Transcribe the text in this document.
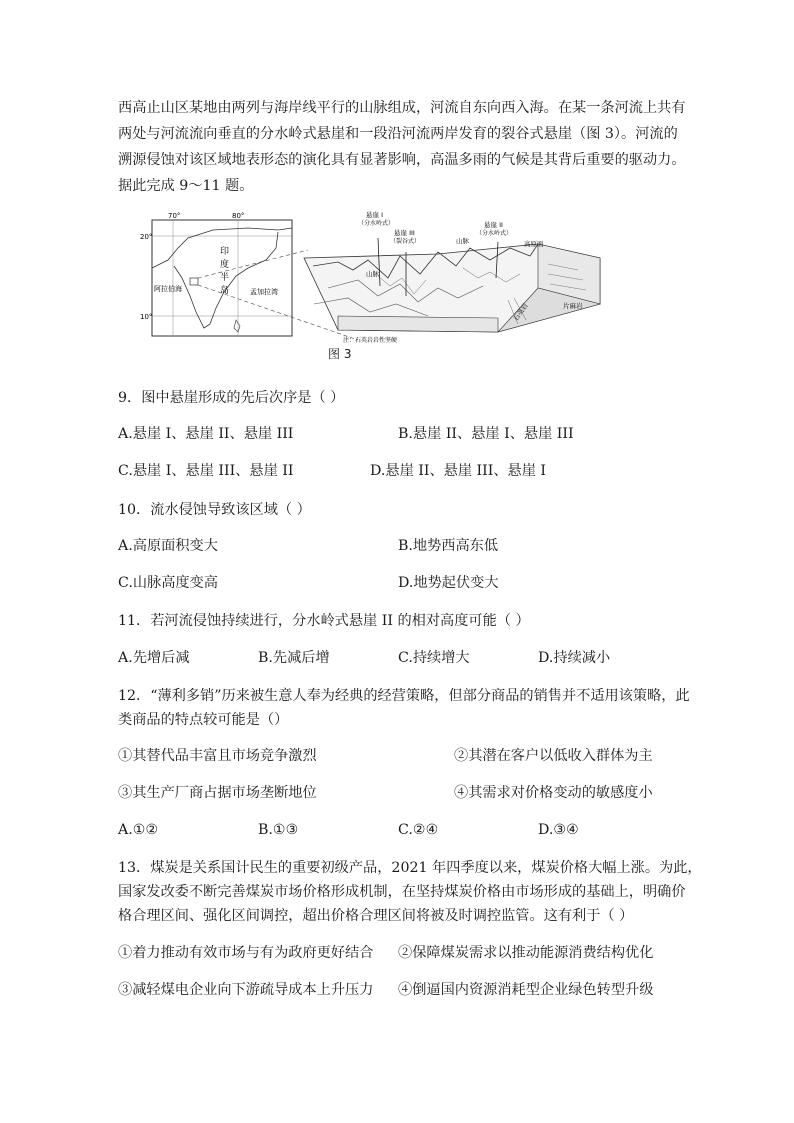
西高止山区某地由两列与海岸线平行的山脉组成，河流自东向西入海。在某一条河流上共有
两处与河流流向垂直的分水岭式悬崖和一段沿河流两岸发育的裂谷式悬崖（图 3）。河流的
溯源侵蚀对该区域地表形态的演化具有显著影响，高温多雨的气候是其背后重要的驱动力。
据此完成 9～11 题。
70°	80°
20°
10°
印
度
半
岛
阿拉伯海	孟加拉湾
悬崖 I
（分水岭式）
悬崖 III
（裂谷式）
悬崖 II
（分水岭式）
山脉
山脉
高原面
石英岩	片麻岩
注：石英岩岩性坚硬
图 3
9．图中悬崖形成的先后次序是（ ）
A.悬崖 I、悬崖 II、悬崖 III	B.悬崖 II、悬崖 I、悬崖 III
C.悬崖 I、悬崖 III、悬崖 II	D.悬崖 II、悬崖 III、悬崖 I
10．流水侵蚀导致该区域（ ）
A.高原面积变大	B.地势西高东低
C.山脉高度变高	D.地势起伏变大
11．若河流侵蚀持续进行，分水岭式悬崖 II 的相对高度可能（ ）
A.先增后减	B.先减后增	C.持续增大	D.持续减小
12．“薄利多销”历来被生意人奉为经典的经营策略，但部分商品的销售并不适用该策略，此
类商品的特点较可能是（）
①其替代品丰富且市场竞争激烈	②其潜在客户以低收入群体为主
③其生产厂商占据市场垄断地位	④其需求对价格变动的敏感度小
A.①②	B.①③	C.②④	D.③④
13．煤炭是关系国计民生的重要初级产品，2021 年四季度以来，煤炭价格大幅上涨。为此，
国家发改委不断完善煤炭市场价格形成机制，在坚持煤炭价格由市场形成的基础上，明确价
格合理区间、强化区间调控，超出价格合理区间将被及时调控监管。这有利于（ ）
①着力推动有效市场与有为政府更好结合 ②保障煤炭需求以推动能源消费结构优化
③减轻煤电企业向下游疏导成本上升压力 ④倒逼国内资源消耗型企业绿色转型升级
